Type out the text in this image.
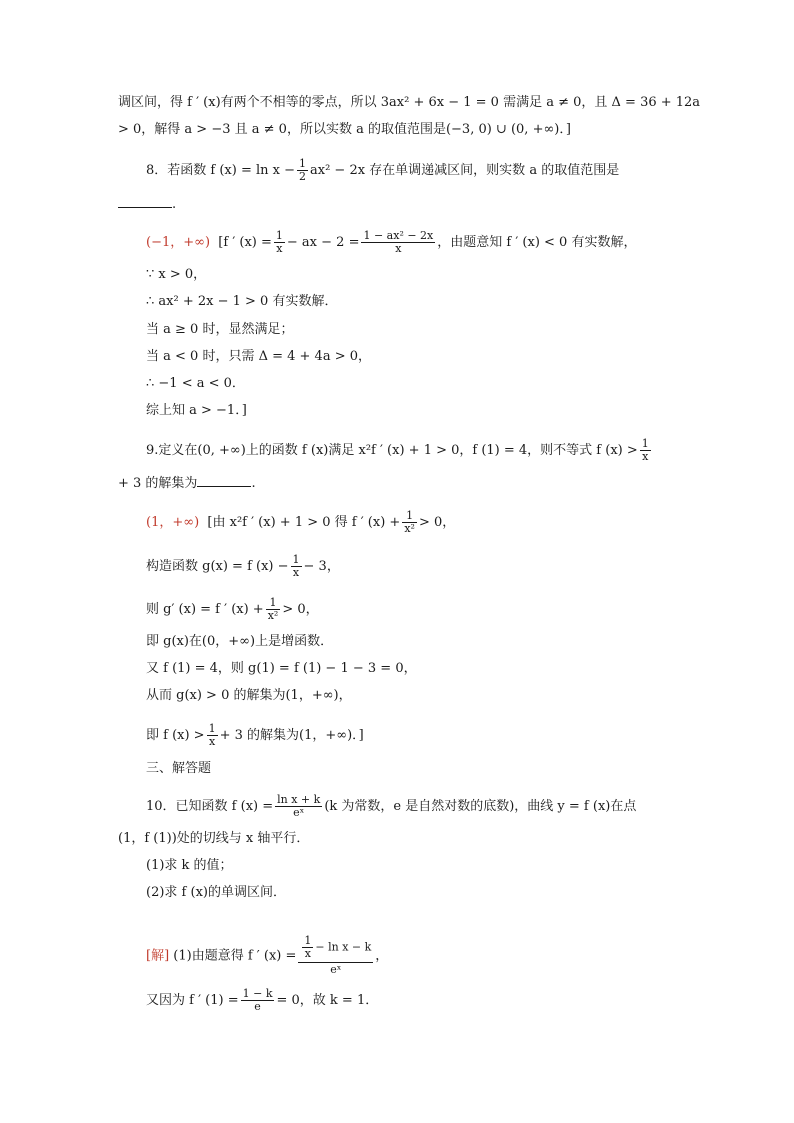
调区间，得 f ′ (x)有两个不相等的零点，所以 3ax² + 6x − 1 = 0 需满足 a ≠ 0，且 Δ = 36 + 12a
> 0，解得 a > −3 且 a ≠ 0，所以实数 a 的取值范围是(−3, 0) ∪ (0, +∞)．]
8．若函数 f $(x) = \ln x - \frac{1}{2} ax^2 - 2x$ 存在单调递减区间，则实数 a 的取值范围是
.
(−1，+∞) [f ′ $(x) = \frac{1}{x}$ − ax − $2 = \frac{\text{1 − ax² − 2x}}{x}$ ，由题意知 f ′ (x) < 0 有实数解，
∵ x > 0，
∴ ax² + 2x − 1 > 0 有实数解．
当 a ≥ 0 时，显然满足；
当 a < 0 时，只需 Δ = 4 + 4a > 0，
∴ −1 < a < 0．
综上知 a > −1．]
9.定义在(0, +∞)上的函数 f (x)满足 x²f ′ (x) + 1 > 0，f (1) = 4，则不等式 f $(x) > \frac{1}{x}$
+ 3 的解集为	.
(1，+∞) [由 x²f ′ (x) + 1 > 0 得 f ′ $(x) + \frac{1}{\text{x²}} > 0$，
构造函数 g(x) = f $(x) - \frac{1}{x} - 3$，
则 g′ (x) = f ′ $(x) + \frac{1}{\text{x²}} > 0$，
即 g(x)在(0，+∞)上是增函数．
又 f (1) = 4，则 g(1) = f (1) − 1 − 3 = 0，
从而 g(x) > 0 的解集为(1，+∞)，
即 f $(x) > \frac{1}{x} + 3$ 的解集为(1，+∞)．]
三、解答题
10．已知函数 f $(x) = \frac{\text{ln x + k}}{\text{eˣ}} (k$ 为常数，e 是自然对数的底数)，曲线 y = f (x)在点
(1，f (1))处的切线与 x 轴平行．
(1)求 k 的值；
(2)求 f (x)的单调区间．
[解] (1)由题意得 f ′ $(x) = \frac{\frac{1}{x} - \ln x - k}{\text{eˣ}}$ ，
又因为 f ′ $(1) = \frac{1 - k}{e} = 0$，故 k = 1．
